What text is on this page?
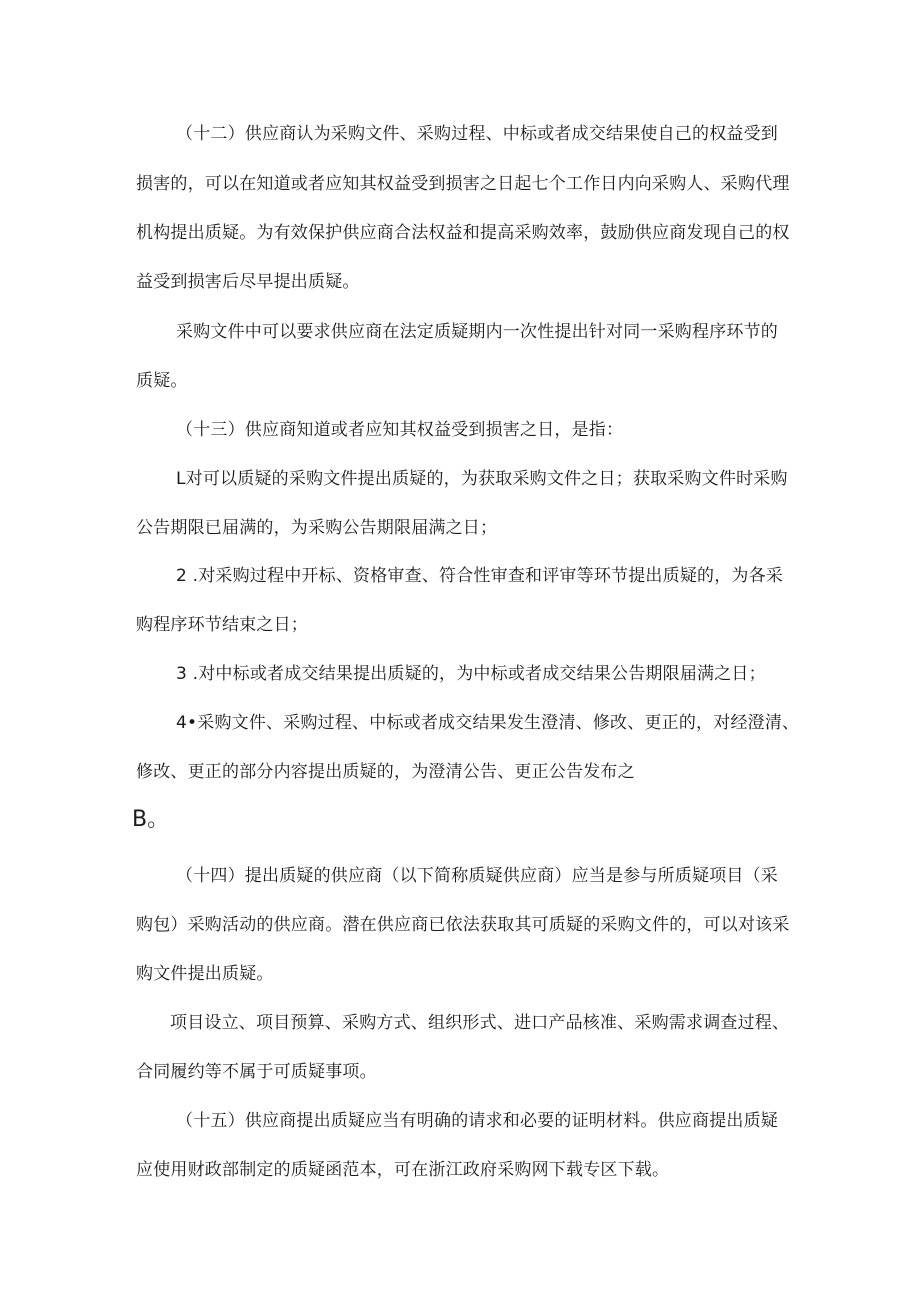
（十二）供应商认为采购文件、采购过程、中标或者成交结果使自己的权益受到
损害的，可以在知道或者应知其权益受到损害之日起七个工作日内向采购人、采购代理
机构提出质疑。为有效保护供应商合法权益和提高采购效率，鼓励供应商发现自己的权
益受到损害后尽早提出质疑。
采购文件中可以要求供应商在法定质疑期内一次性提出针对同一采购程序环节的
质疑。
（十三）供应商知道或者应知其权益受到损害之日，是指：
L对可以质疑的采购文件提出质疑的，为获取采购文件之日；获取采购文件时采购
公告期限已届满的，为采购公告期限届满之日；
2 .对采购过程中开标、资格审查、符合性审查和评审等环节提出质疑的，为各采
购程序环节结束之日；
3 .对中标或者成交结果提出质疑的，为中标或者成交结果公告期限届满之日；
4•采购文件、采购过程、中标或者成交结果发生澄清、修改、更正的，对经澄清、
修改、更正的部分内容提出质疑的，为澄清公告、更正公告发布之
B。
（十四）提出质疑的供应商（以下简称质疑供应商）应当是参与所质疑项目（采
购包）采购活动的供应商。潜在供应商已依法获取其可质疑的采购文件的，可以对该采
购文件提出质疑。
项目设立、项目预算、采购方式、组织形式、进口产品核准、采购需求调查过程、
合同履约等不属于可质疑事项。
（十五）供应商提出质疑应当有明确的请求和必要的证明材料。供应商提出质疑
应使用财政部制定的质疑函范本，可在浙江政府采购网下载专区下载。
